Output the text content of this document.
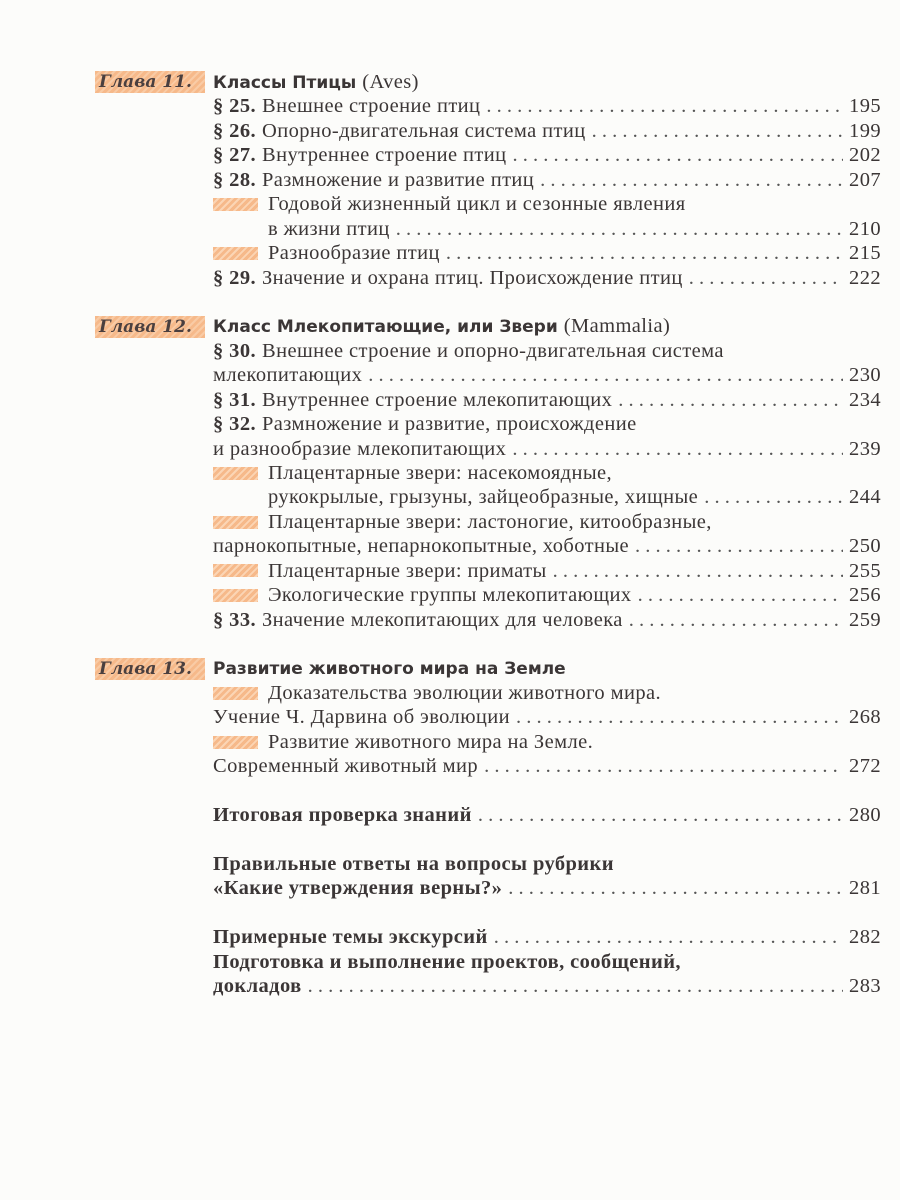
Глава 11.	Классы Птицы (Aves)
§ 25. Внешнее строение птиц . . .	195
§ 26. Опорно-двигательная система птиц . . .	199
§ 27. Внутреннее строение птиц . . .	202
§ 28. Размножение и развитие птиц . . .	207
Годовой жизненный цикл и сезонные явления
в жизни птиц . . .	210
Разнообразие птиц . . .	215
§ 29. Значение и охрана птиц. Происхождение птиц . . .	222
Глава 12.	Класс Млекопитающие, или Звери (Mammalia)
§ 30. Внешнее строение и опорно-двигательная система
млекопитающих . . .	230
§ 31. Внутреннее строение млекопитающих . . .	234
§ 32. Размножение и развитие, происхождение
и разнообразие млекопитающих . . .	239
Плацентарные звери: насекомоядные,
рукокрылые, грызуны, зайцеобразные, хищные . . .	244
Плацентарные звери: ластоногие, китообразные,
парнокопытные, непарнокопытные, хоботные . . .	250
Плацентарные звери: приматы . . .	255
Экологические группы млекопитающих . . .	256
§ 33. Значение млекопитающих для человека . . .	259
Глава 13.	Развитие животного мира на Земле
Доказательства эволюции животного мира.
Учение Ч. Дарвина об эволюции . . .	268
Развитие животного мира на Земле.
Современный животный мир . . .	272
Итоговая проверка знаний . . .	280
Правильные ответы на вопросы рубрики
«Какие утверждения верны?» . . .	281
Примерные темы экскурсий . . .	282
Подготовка и выполнение проектов, сообщений,
докладов . . .	283
